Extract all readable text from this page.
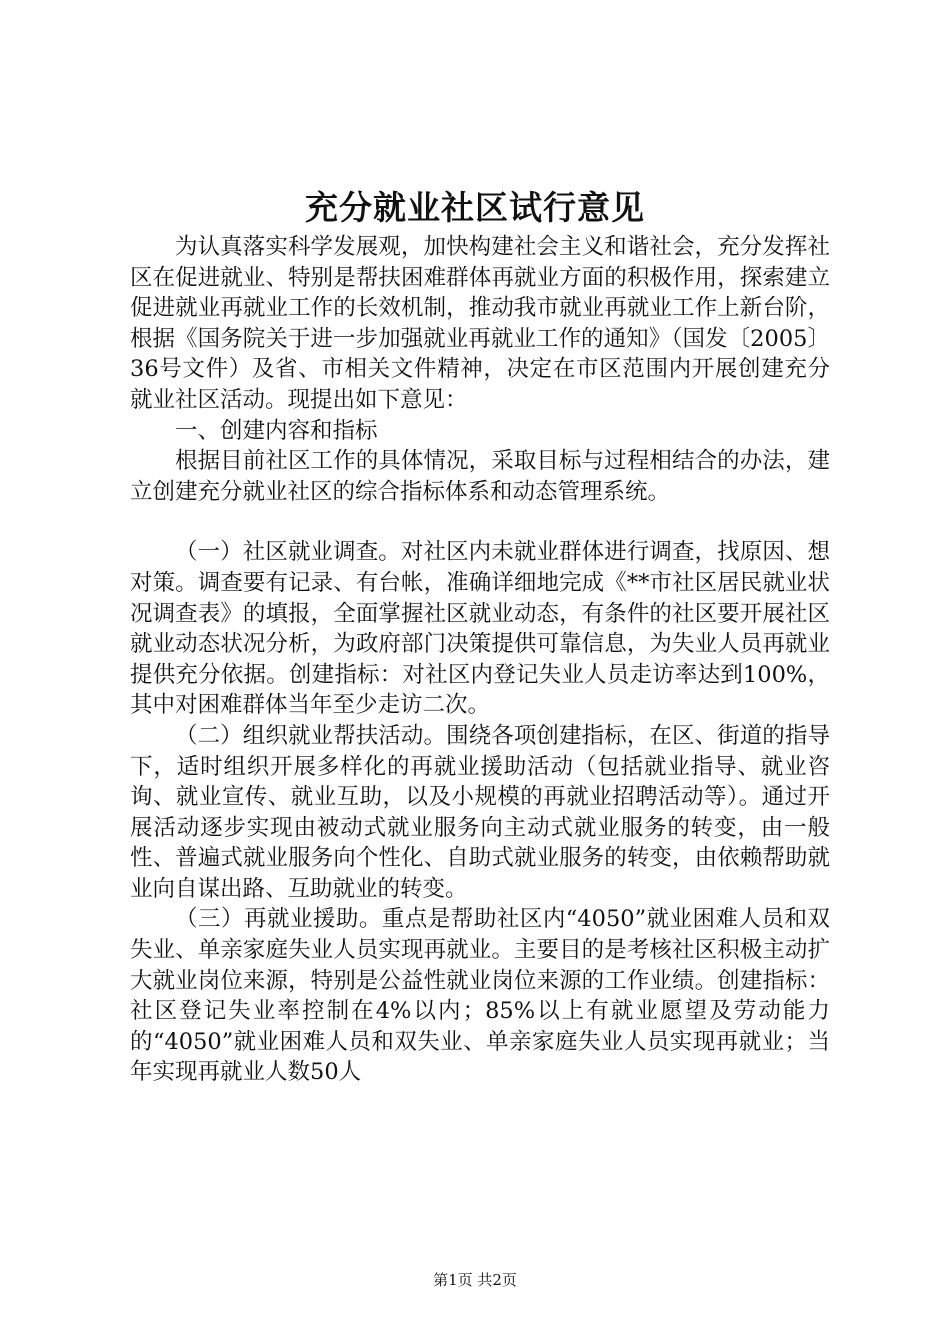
充分就业社区试行意见

为认真落实科学发展观，加快构建社会主义和谐社会，充分发挥社区在促进就业、特别是帮扶困难群体再就业方面的积极作用，探索建立促进就业再就业工作的长效机制，推动我市就业再就业工作上新台阶，根据《国务院关于进一步加强就业再就业工作的通知》（国发〔2005〕36号文件）及省、市相关文件精神，决定在市区范围内开展创建充分就业社区活动。现提出如下意见：

一、创建内容和指标

根据目前社区工作的具体情况，采取目标与过程相结合的办法，建立创建充分就业社区的综合指标体系和动态管理系统。

（一）社区就业调查。对社区内未就业群体进行调查，找原因、想对策。调查要有记录、有台帐，准确详细地完成《**市社区居民就业状况调查表》的填报，全面掌握社区就业动态，有条件的社区要开展社区就业动态状况分析，为政府部门决策提供可靠信息，为失业人员再就业提供充分依据。创建指标：对社区内登记失业人员走访率达到100%，其中对困难群体当年至少走访二次。

（二）组织就业帮扶活动。围绕各项创建指标，在区、街道的指导下，适时组织开展多样化的再就业援助活动（包括就业指导、就业咨询、就业宣传、就业互助，以及小规模的再就业招聘活动等）。通过开展活动逐步实现由被动式就业服务向主动式就业服务的转变，由一般性、普遍式就业服务向个性化、自助式就业服务的转变，由依赖帮助就业向自谋出路、互助就业的转变。

（三）再就业援助。重点是帮助社区内“4050”就业困难人员和双失业、单亲家庭失业人员实现再就业。主要目的是考核社区积极主动扩大就业岗位来源，特别是公益性就业岗位来源的工作业绩。创建指标：社区登记失业率控制在4%以内；85%以上有就业愿望及劳动能力的“4050”就业困难人员和双失业、单亲家庭失业人员实现再就业；当年实现再就业人数50人

第1页 共2页
